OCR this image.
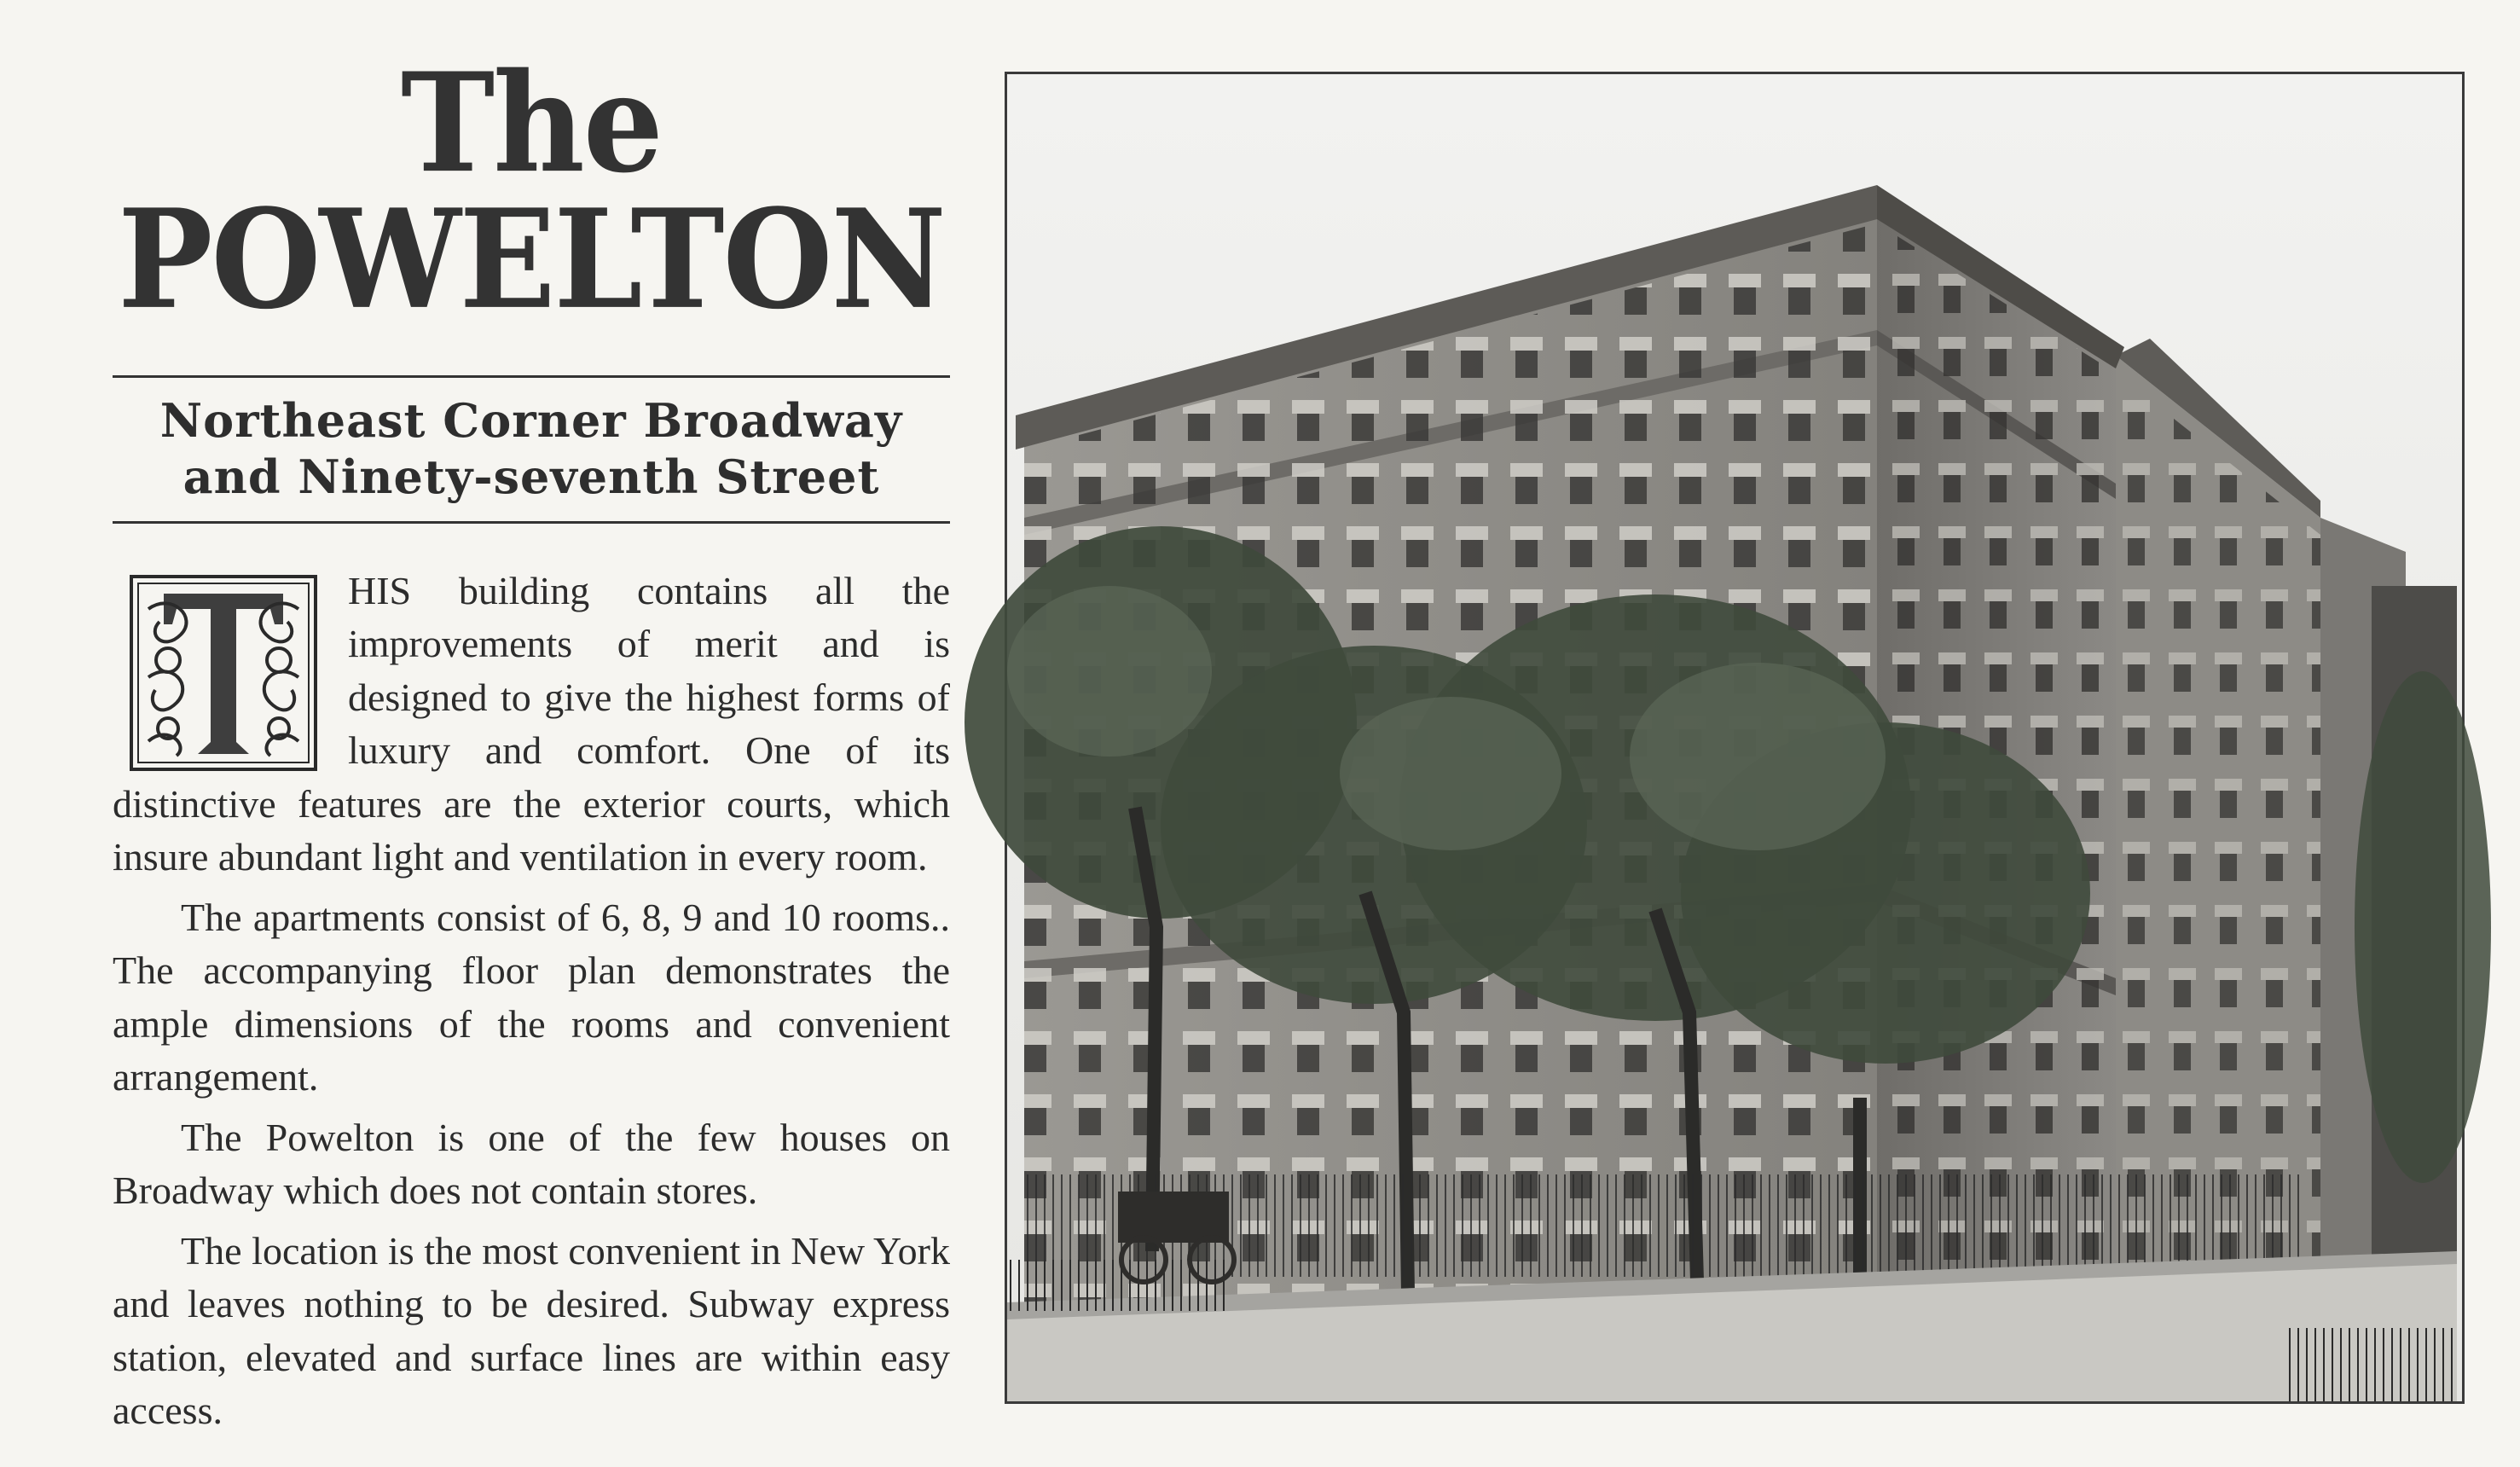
The POWELTON
Northeast Corner Broadway
and Ninety-seventh Street

T
HIS building contains all the improvements of merit and is designed to give the highest forms of luxury and comfort. One of its distinctive features are the exterior courts, which insure abundant light and ventilation in every room.

The apartments consist of 6, 8, 9 and 10 rooms.. The accompanying floor plan demonstrates the ample dimensions of the rooms and convenient arrangement.

The Powelton is one of the few houses on Broadway which does not contain stores.

The location is the most convenient in New York and leaves nothing to be desired. Subway express station, elevated and surface lines are within easy access.
